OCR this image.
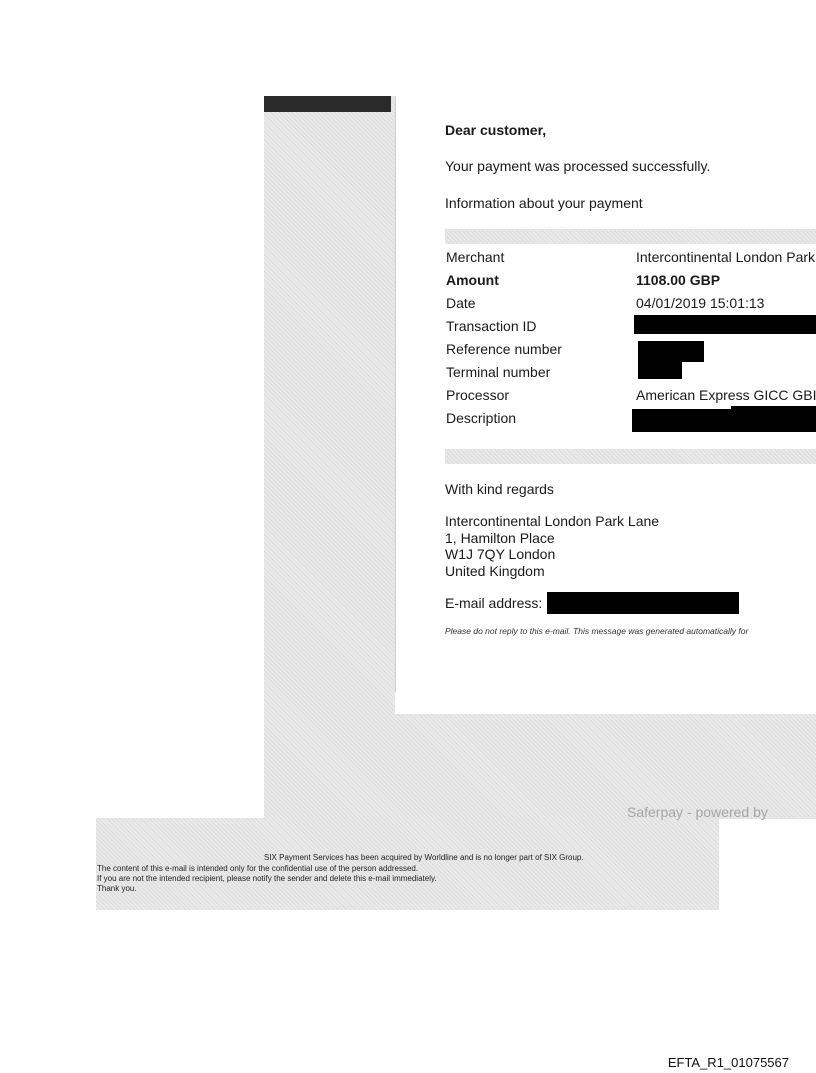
Dear customer,
Your payment was processed successfully.
Information about your payment
Merchant	Intercontinental London Park
Amount	1108.00 GBP
Date	04/01/2019 15:01:13
Transaction ID
Reference number
Terminal number
Processor	American Express GICC GBI
Description
With kind regards
Intercontinental London Park Lane
1, Hamilton Place
W1J 7QY London
United Kingdom
E-mail address:
Please do not reply to this e-mail. This message was generated automatically for
Saferpay - powered by
SIX Payment Services has been acquired by Worldline and is no longer part of SIX Group.
The content of this e-mail is intended only for the confidential use of the person addressed.
If you are not the intended recipient, please notify the sender and delete this e-mail immediately.
Thank you.
EFTA_R1_01075567
